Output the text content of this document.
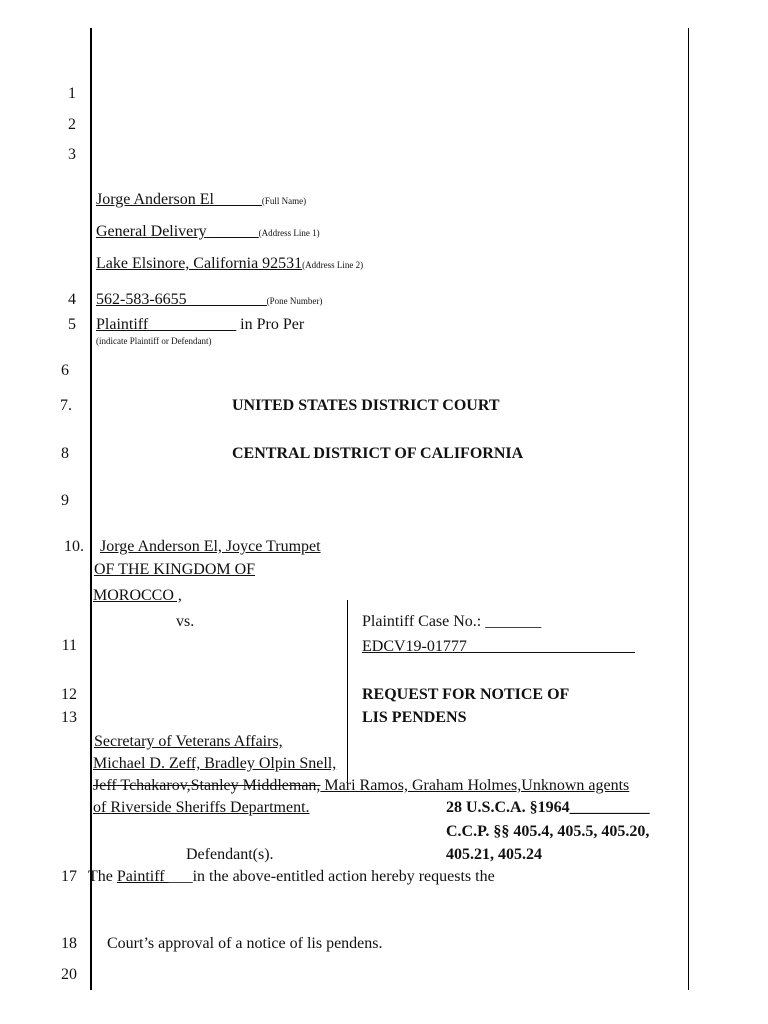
1
2
3
4
5
6
7.
8
9
10.
11
12
13
17
18
20
Jorge Anderson El______(Full Name)
General Delivery ______(Address Line 1)
Lake Elsinore, California 92531(Address Line 2)
562-583-6655__________(Pone Number)
Plaintiff___________ in Pro Per
(indicate Plaintiff or Defendant)
UNITED STATES DISTRICT COURT
CENTRAL DISTRICT OF CALIFORNIA
Jorge Anderson El, Joyce Trumpet
OF THE KINGDOM OF
MOROCCO ,
vs.	Plaintiff Case No.: _______
EDCV19-01777_____________________
REQUEST FOR NOTICE OF
LIS PENDENS
Secretary of Veterans Affairs,
Michael D. Zeff, Bradley Olpin Snell,
Jeff Tchakarov,Stanley Middleman, Mari Ramos, Graham Holmes,Unknown agents
of Riverside Sheriffs Department.	28 U.S.C.A. §1964__________
C.C.P. §§ 405.4, 405.5, 405.20,
405.21, 405.24
Defendant(s).
The Paintiff ___in the above-entitled action hereby requests the
Court’s approval of a notice of lis pendens.
